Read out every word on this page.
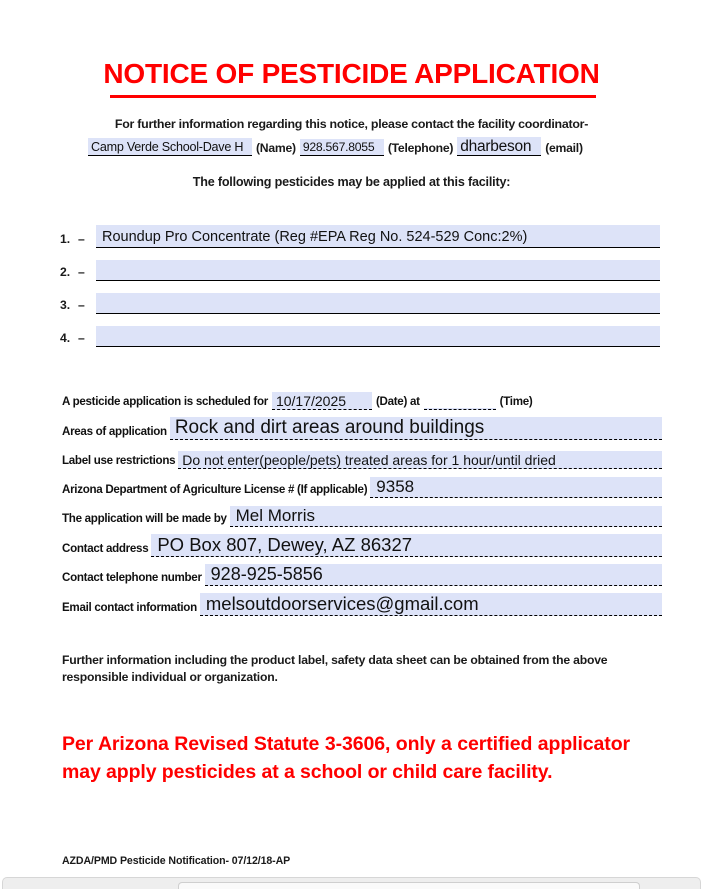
NOTICE OF PESTICIDE APPLICATION
For further information regarding this notice, please contact the facility coordinator-
Camp Verde School-Dave H	(Name) 928.567.8055	(Telephone) dharbeson	(email)
The following pesticides may be applied at this facility:
1. –	Roundup Pro Concentrate (Reg #EPA Reg No. 524-529 Conc:2%)
2. –
3. –
4. –
A pesticide application is scheduled for 10/17/2025	(Date) at	(Time)
Areas of application Rock and dirt areas around buildings
Label use restrictions Do not enter(people/pets) treated areas for 1 hour/until dried
Arizona Department of Agriculture License # (If applicable) 9358
The application will be made by Mel Morris
Contact address PO Box 807, Dewey, AZ 86327
Contact telephone number 928-925-5856
Email contact information melsoutdoorservices@gmail.com
Further information including the product label, safety data sheet can be obtained from the above responsible individual or organization.
Per Arizona Revised Statute 3-3606, only a certified applicator may apply pesticides at a school or child care facility.
AZDA/PMD Pesticide Notification- 07/12/18-AP
